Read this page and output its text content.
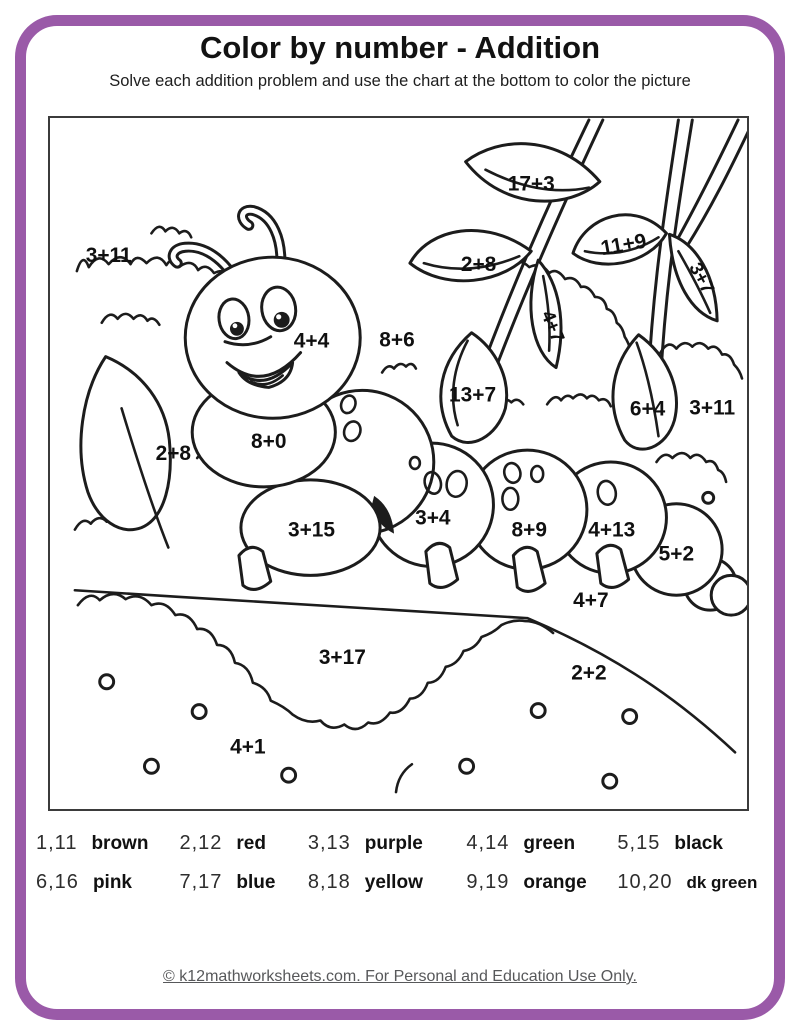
Color by number - Addition
Solve each addition problem and use the chart at the bottom to color the picture
3+11
17+3
2+8
11+9
3+7
4+7
13+7
6+4 3+11
4+4 8+6
2+8
8+0
3+15
3+4
8+9 4+13
5+2
4+7
3+17
2+2
4+1
1,11 brown 2,12 red 3,13 purple 4,14 green 5,15 black
6,16 pink 7,17 blue 8,18 yellow 9,19 orange 10,20 dk green
© k12mathworksheets.com. For Personal and Education Use Only.
